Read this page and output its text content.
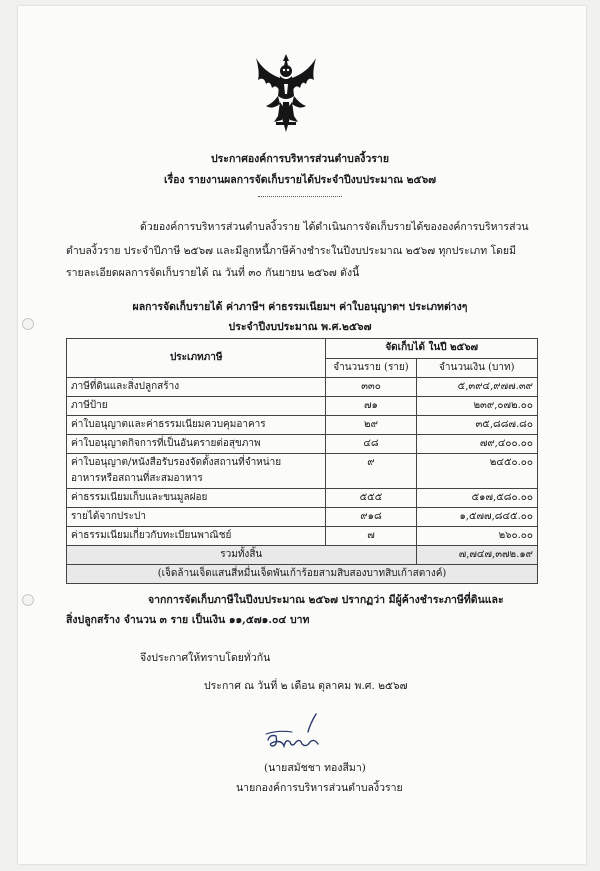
ประกาศองค์การบริหารส่วนตำบลงิ้วราย
เรื่อง รายงานผลการจัดเก็บรายได้ประจำปีงบประมาณ ๒๕๖๗
ด้วยองค์การบริหารส่วนตำบลงิ้วราย ได้ดำเนินการจัดเก็บรายได้ขององค์การบริหารส่วน
ตำบลงิ้วราย ประจำปีภาษี ๒๕๖๗ และมีลูกหนี้ภาษีค้างชำระในปีงบประมาณ ๒๕๖๗ ทุกประเภท โดยมี
รายละเอียดผลการจัดเก็บรายได้ ณ วันที่ ๓๐ กันยายน ๒๕๖๗ ดังนี้
ผลการจัดเก็บรายได้ ค่าภาษีฯ ค่าธรรมเนียมฯ ค่าใบอนุญาตฯ ประเภทต่างๆ
ประจำปีงบประมาณ พ.ศ.๒๕๖๗
ประเภทภาษี	จัดเก็บได้ ในปี ๒๕๖๗	
	จำนวนราย (ราย)	จำนวนเงิน (บาท)
ภาษีที่ดินและสิ่งปลูกสร้าง	๓๓๐	๕,๓๙๔,๙๗๗.๓๙
ภาษีป้าย	๗๑	๒๓๙,๐๗๒.๐๐
ค่าใบอนุญาตและค่าธรรมเนียมควบคุมอาคาร	๒๙	๓๕,๘๘๗.๘๐
ค่าใบอนุญาตกิจการที่เป็นอันตรายต่อสุขภาพ	๔๘	๗๙,๔๐๐.๐๐

ค่าใบอนุญาต/หนังสือรับรองจัดตั้งสถานที่จำหน่าย
อาหารหรือสถานที่สะสมอาหาร	๙	๒๔๕๐.๐๐
ค่าธรรมเนียมเก็บและขนมูลฝอย	๕๕๕	๕๑๗,๕๘๐.๐๐
รายได้จากประปา	๙๑๘	๑,๕๗๗,๘๔๕.๐๐
ค่าธรรมเนียมเกี่ยวกับทะเบียนพาณิชย์	๗	๒๖๐.๐๐
รวมทั้งสิ้น		๗,๗๔๗,๓๗๒.๑๙
(เจ็ดล้านเจ็ดแสนสี่หมื่นเจ็ดพันเก้าร้อยสามสิบสองบาทสิบเก้าสตางค์)		
จากการจัดเก็บภาษีในปีงบประมาณ ๒๕๖๗ ปรากฏว่า มีผู้ค้างชำระภาษีที่ดินและ
สิ่งปลูกสร้าง จำนวน ๓ ราย เป็นเงิน ๑๑,๕๗๑.๐๔ บาท
จึงประกาศให้ทราบโดยทั่วกัน
ประกาศ ณ วันที่ ๒ เดือน ตุลาคม พ.ศ. ๒๕๖๗
(นายสมัชชา ทองสีมา)
นายกองค์การบริหารส่วนตำบลงิ้วราย
